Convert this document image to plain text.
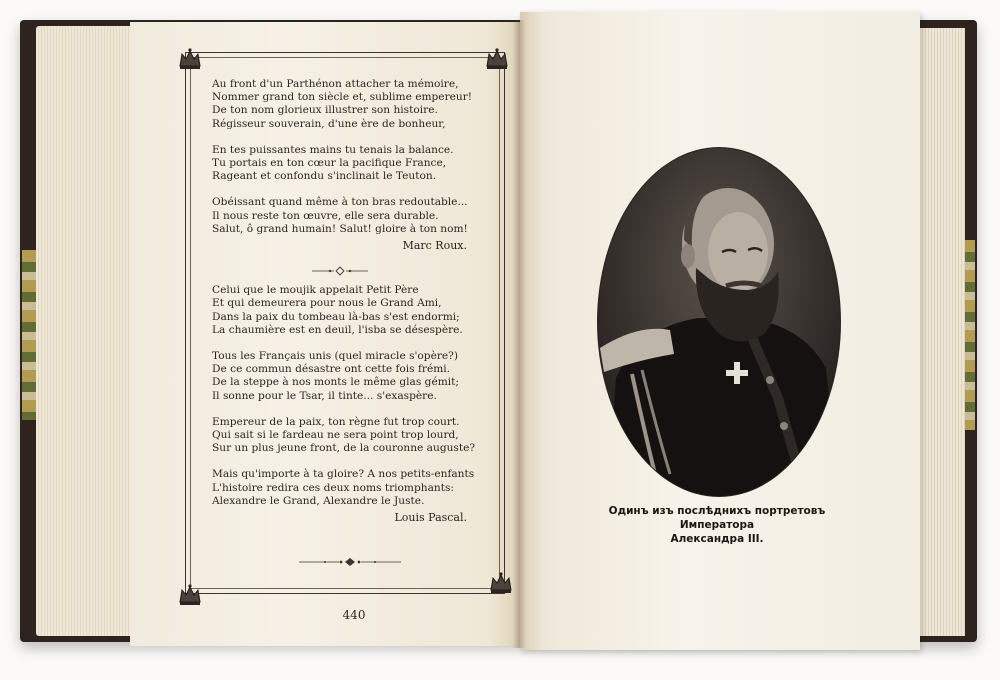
Au front d'un Parthénon attacher ta mémoire,
Nommer grand ton siècle et, sublime empereur!
De ton nom glorieux illustrer son histoire.
Régisseur souverain, d'une ère de bonheur,
En tes puissantes mains tu tenais la balance.
Tu portais en ton cœur la pacifique France,
Rageant et confondu s'inclinait le Teuton.
Obéissant quand même à ton bras redoutable...
Il nous reste ton œuvre, elle sera durable.
Salut, ô grand humain! Salut! gloire à ton nom!
Marc Roux.
Celui que le moujik appelait Petit Père
Et qui demeurera pour nous le Grand Ami,
Dans la paix du tombeau là-bas s'est endormi;
La chaumière est en deuil, l'isba se désespère.
Tous les Français unis (quel miracle s'opère?)
De ce commun désastre ont cette fois frémi.
De la steppe à nos monts le même glas gémit;
Il sonne pour le Tsar, il tinte... s'exaspère.
Empereur de la paix, ton règne fut trop court.
Qui sait si le fardeau ne sera point trop lourd,
Sur un plus jeune front, de la couronne auguste?
Mais qu'importe à ta gloire? A nos petits-enfants
L'histoire redira ces deux noms triomphants:
Alexandre le Grand, Alexandre le Juste.
Louis Pascal.
440
Одинъ изъ послѣднихъ портретовъ Императора
Александра III.
